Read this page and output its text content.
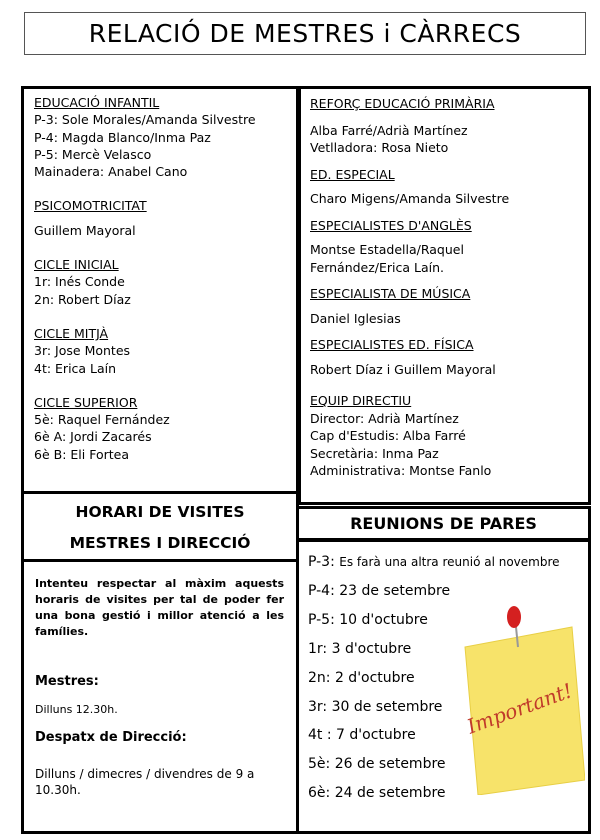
RELACIÓ DE MESTRES i CÀRRECS
EDUCACIÓ INFANTIL
P-3: Sole Morales/Amanda Silvestre
P-4: Magda Blanco/Inma Paz
P-5: Mercè Velasco
Mainadera: Anabel Cano
PSICOMOTRICITAT
Guillem Mayoral
CICLE INICIAL
1r: Inés Conde
2n: Robert Díaz
CICLE MITJÀ
3r: Jose Montes
4t: Erica Laín
CICLE SUPERIOR
5è: Raquel Fernández
6è A: Jordi Zacarés
6è B: Eli Fortea
REFORÇ EDUCACIÓ PRIMÀRIA
Alba Farré/Adrià Martínez
Vetlladora: Rosa Nieto
ED. ESPECIAL
Charo Migens/Amanda Silvestre
ESPECIALISTES D'ANGLÈS
Montse Estadella/Raquel
Fernández/Erica Laín.
ESPECIALISTA DE MÚSICA
Daniel Iglesias
ESPECIALISTES ED. FÍSICA
Robert Díaz i Guillem Mayoral
EQUIP DIRECTIU
Director: Adrià Martínez
Cap d'Estudis: Alba Farré
Secretària: Inma Paz
Administrativa: Montse Fanlo
HORARI DE VISITES
MESTRES I DIRECCIÓ
Intenteu respectar al màxim aquests horaris de visites per tal de poder fer una bona gestió i millor atenció a les famílies.
Mestres:
Dilluns 12.30h.
Despatx de Direcció:
Dilluns / dimecres / divendres de 9 a 10.30h.
REUNIONS DE PARES
P-3: Es farà una altra reunió al novembre
P-4: 23 de setembre
P-5: 10 d'octubre
1r: 3 d'octubre
2n: 2 d'octubre
3r: 30 de setembre
4t : 7 d'octubre
5è: 26 de setembre
6è: 24 de setembre
Important!
